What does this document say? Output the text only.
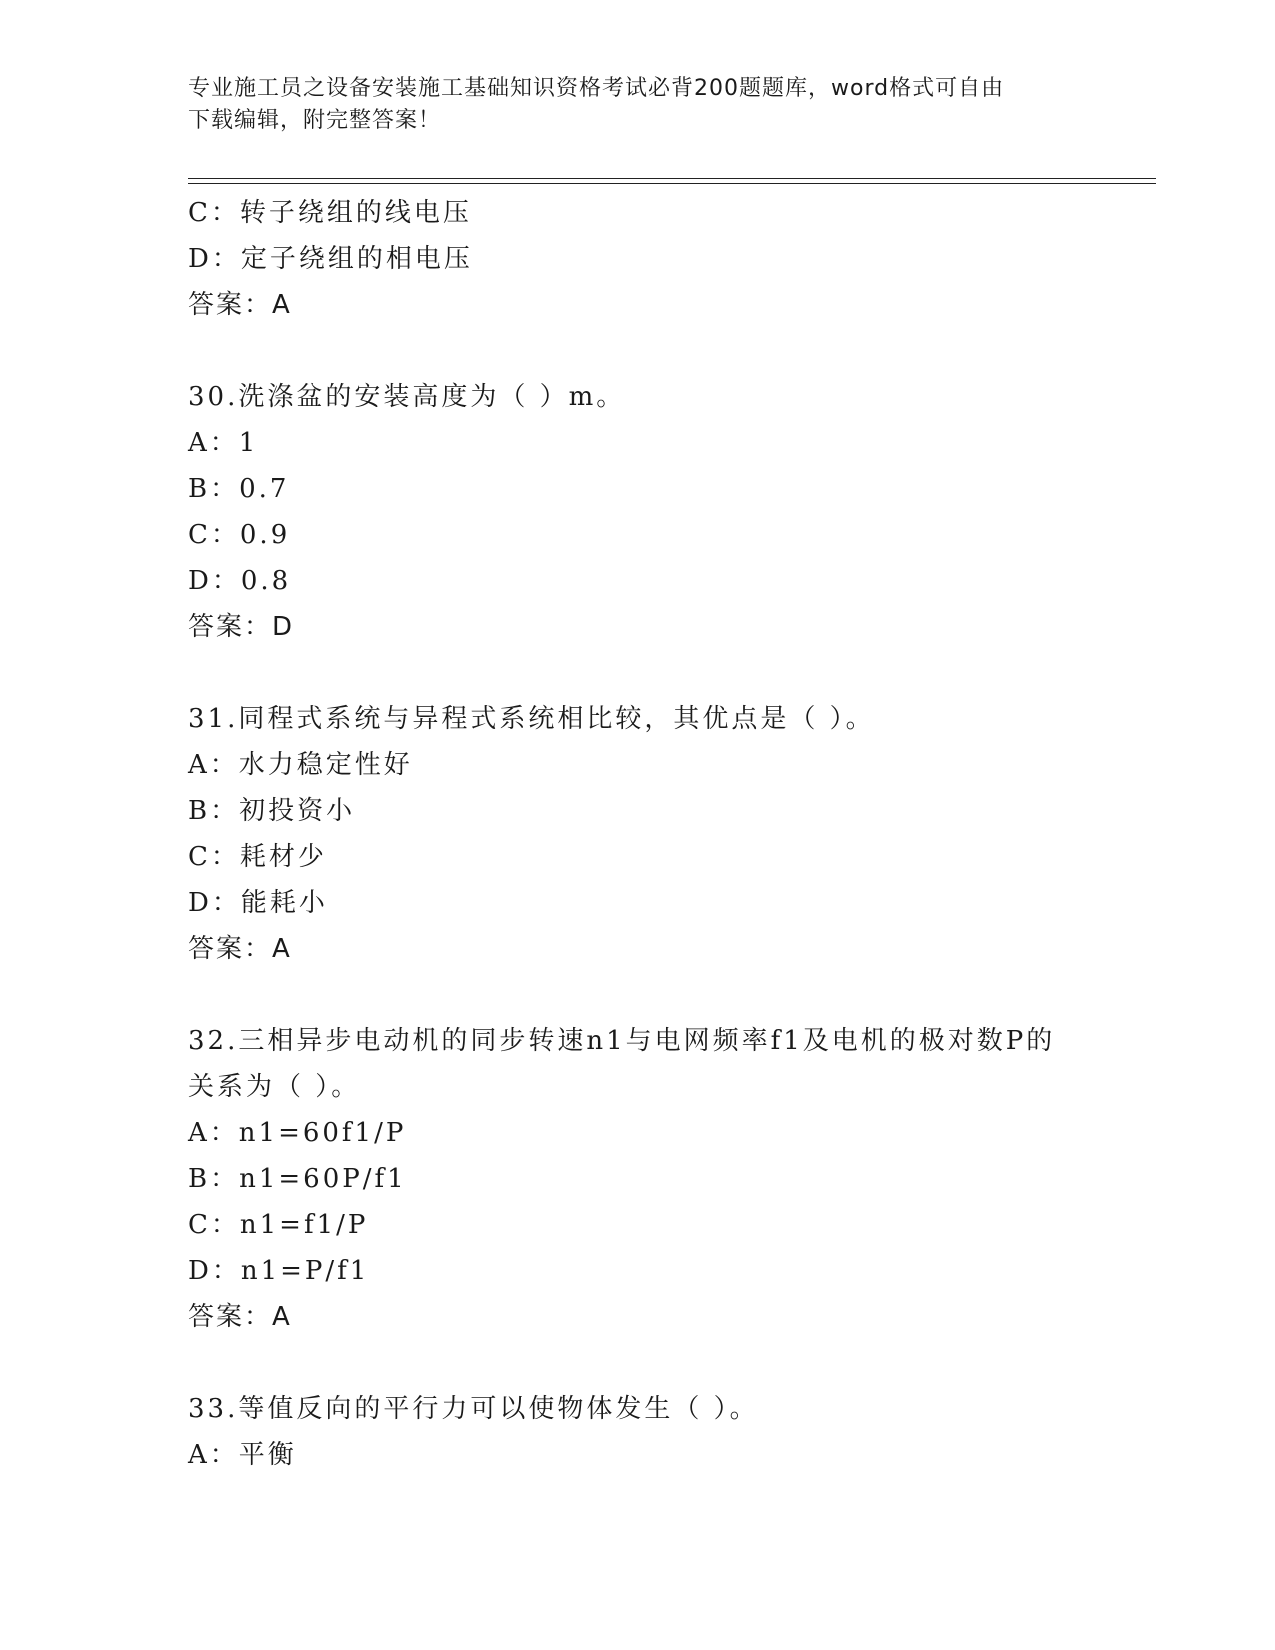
专业施工员之设备安装施工基础知识资格考试必背200题题库，word格式可自由
下载编辑，附完整答案！
C：转子绕组的线电压
D：定子绕组的相电压
答案：A
30.洗涤盆的安装高度为（ ）m。
A：1
B：0.7
C：0.9
D：0.8
答案：D
31.同程式系统与异程式系统相比较，其优点是（ ）。
A：水力稳定性好
B：初投资小
C：耗材少
D：能耗小
答案：A
32.三相异步电动机的同步转速n1与电网频率f1及电机的极对数P的
关系为（ ）。
A：n1=60f1/P
B：n1=60P/f1
C：n1=f1/P
D：n1=P/f1
答案：A
33.等值反向的平行力可以使物体发生（ ）。
A：平衡
